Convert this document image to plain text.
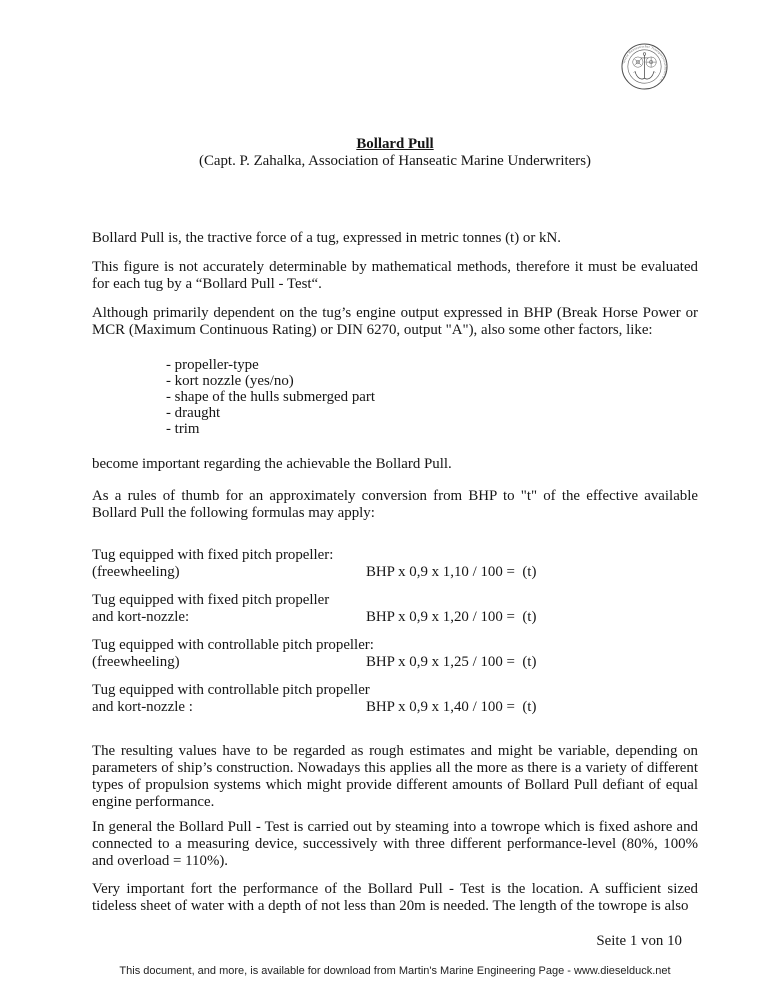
Verein Hanseatischer Transportversicherer e.V.
Bollard Pull
(Capt. P. Zahalka, Association of Hanseatic Marine Underwriters)
Bollard Pull is, the tractive force of a tug, expressed in metric tonnes (t) or kN.
This figure is not accurately determinable by mathematical methods, therefore it must be evaluated for each tug by a “Bollard Pull - Test“.
Although primarily dependent on the tug’s engine output expressed in BHP (Break Horse Power or MCR (Maximum Continuous Rating) or DIN 6270, output "A"), also some other factors, like:
- propeller-type
- kort nozzle (yes/no)
- shape of the hulls submerged part
- draught
- trim
become important regarding the achievable the Bollard Pull.
As a rules of thumb for an approximately conversion from BHP to "t" of the effective available Bollard Pull the following formulas may apply:
Tug equipped with fixed pitch propeller:
(freewheeling)	BHP x 0,9 x 1,10 / 100 =  (t)
Tug equipped with fixed pitch propeller
and kort-nozzle:	BHP x 0,9 x 1,20 / 100 =  (t)
Tug equipped with controllable pitch propeller:
(freewheeling)	BHP x 0,9 x 1,25 / 100 =  (t)
Tug equipped with controllable pitch propeller
and kort-nozzle :	BHP x 0,9 x 1,40 / 100 =  (t)
The resulting values have to be regarded as rough estimates and might be variable, depending on parameters of ship’s construction. Nowadays this applies all the more as there is a variety of different types of propulsion systems which might provide different amounts of Bollard Pull defiant of equal engine performance.
In general the Bollard Pull - Test is carried out by steaming into a towrope which is fixed ashore and connected to a measuring device, successively with three different performance-level (80%, 100% and overload = 110%).
Very important fort the performance of the Bollard Pull - Test is the location. A sufficient sized tideless sheet of water with a depth of not less than 20m is needed. The length of the towrope is also
Seite 1 von 10
This document, and more, is available for download from Martin's Marine Engineering Page - www.dieselduck.net
